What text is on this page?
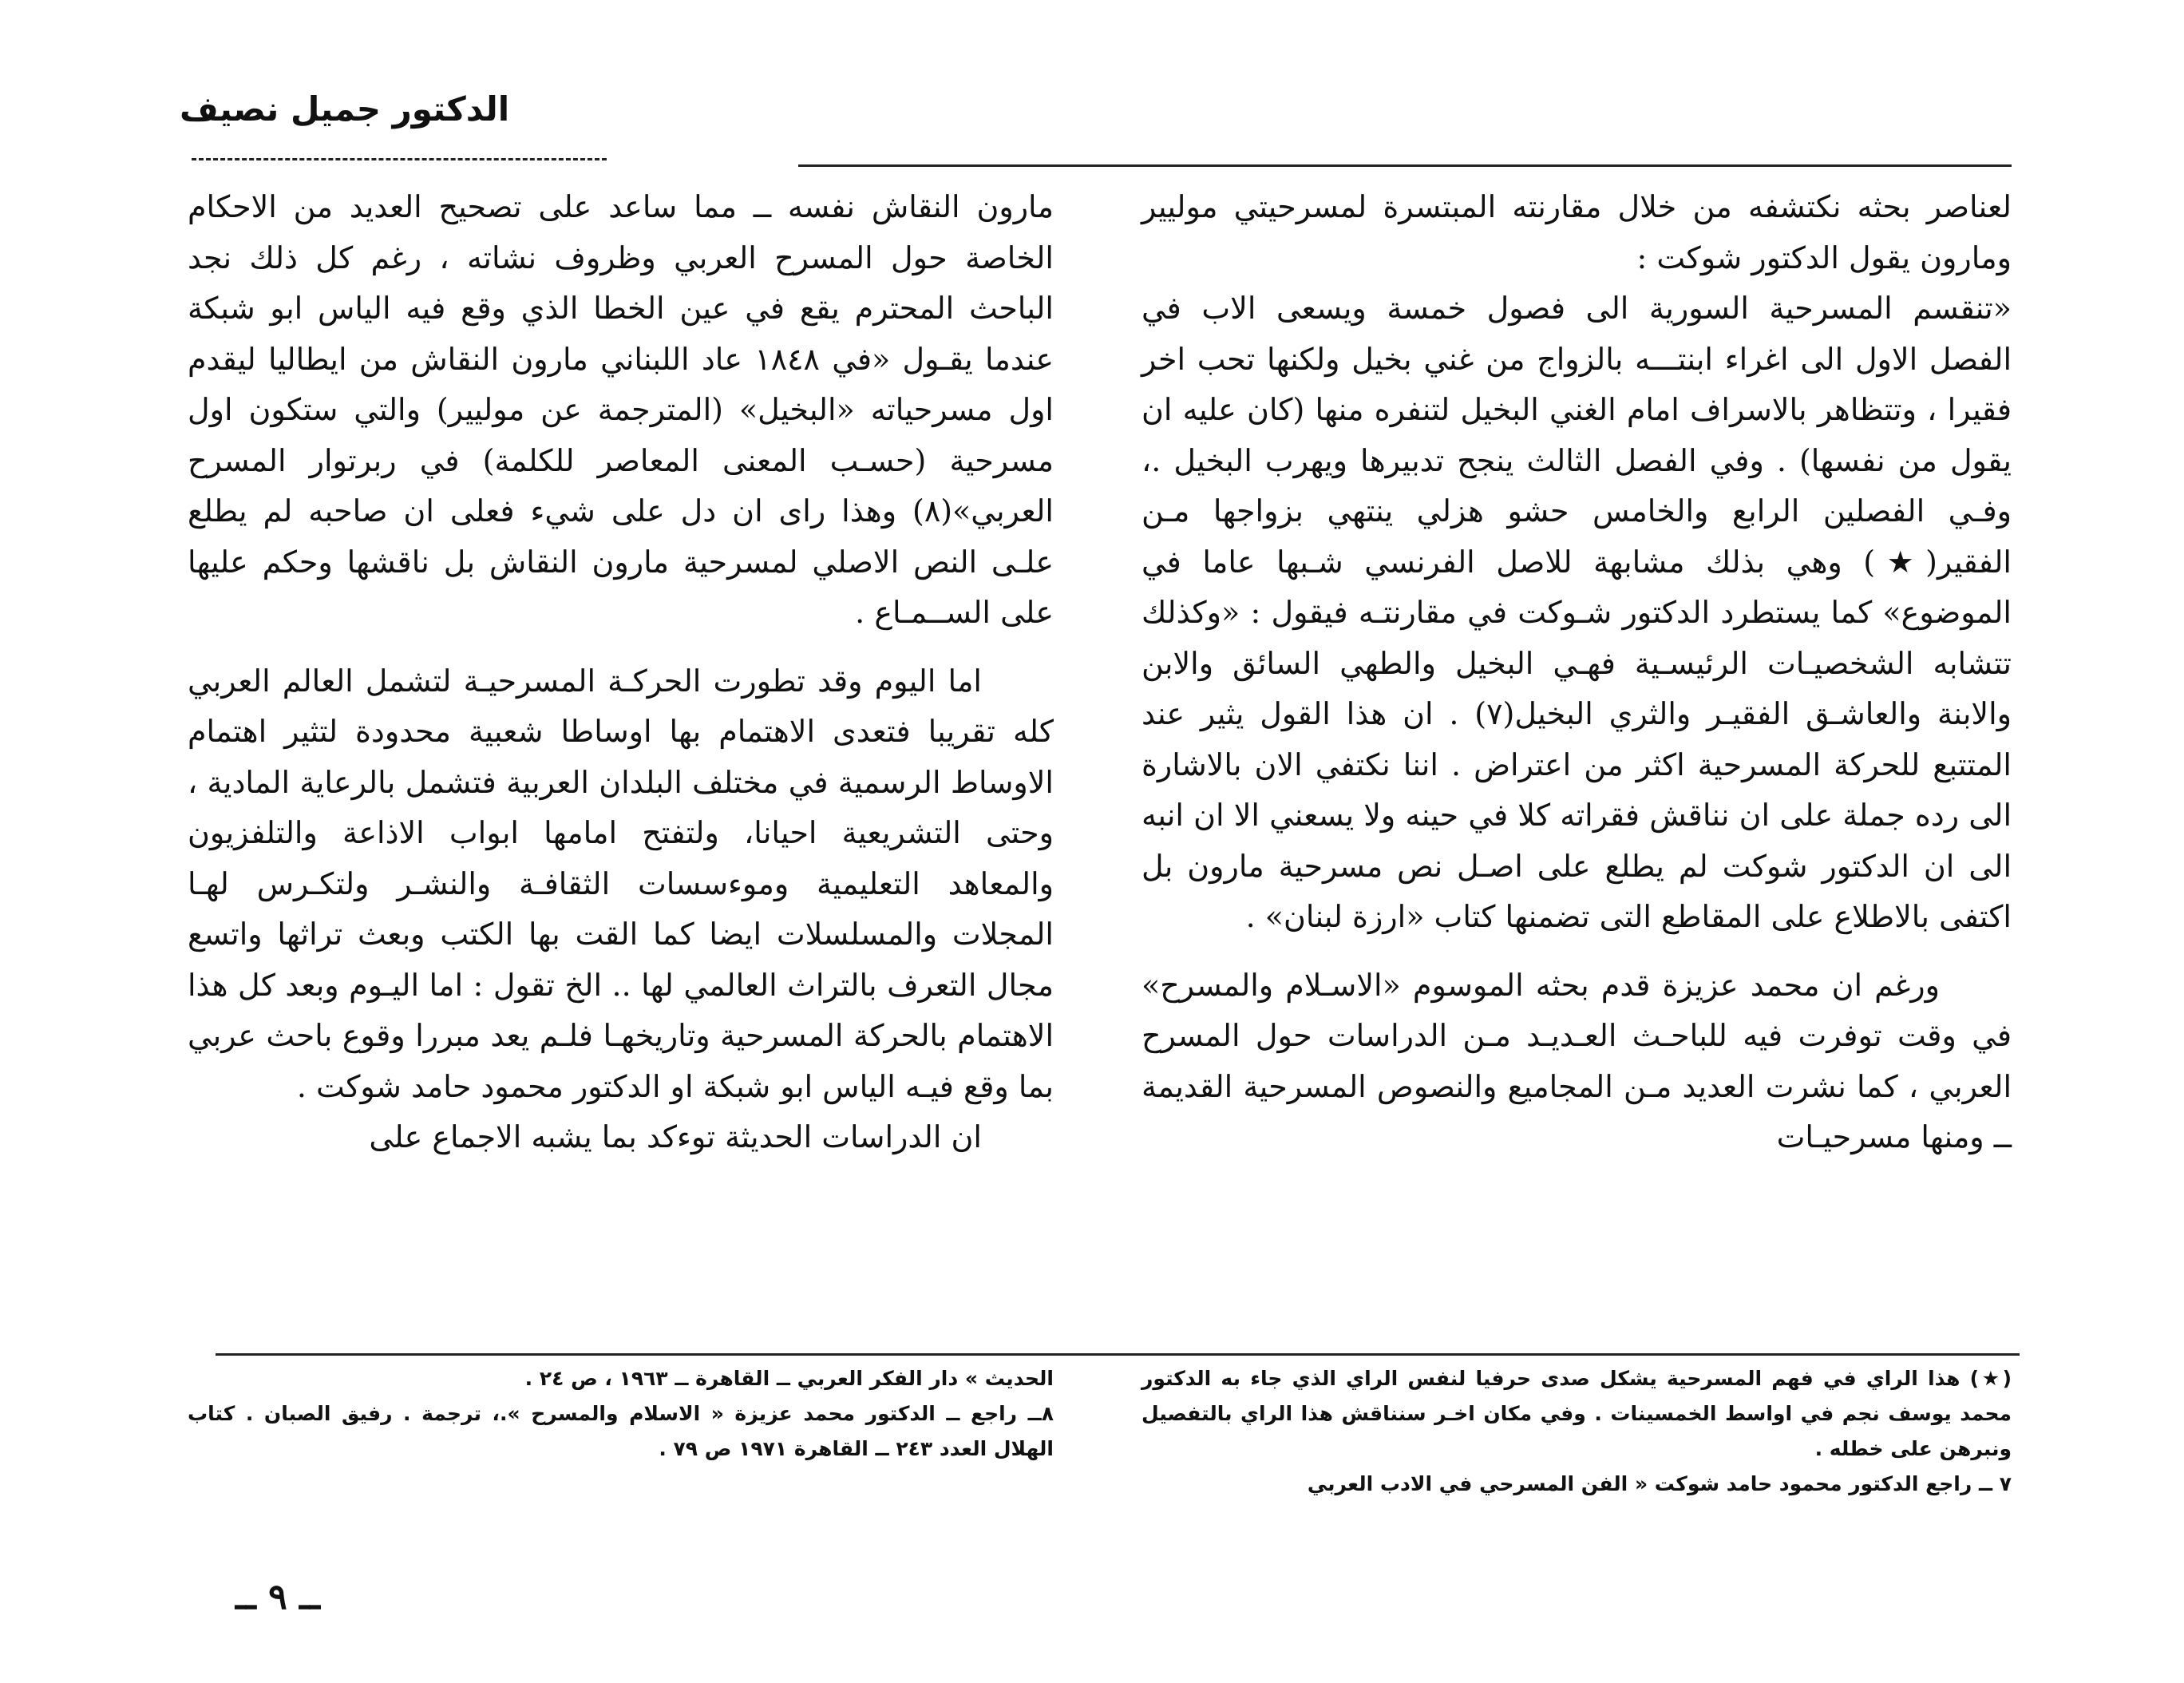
الدكتور جميل نصيف

لعناصر بحثه نكتشفه من خلال مقارنته المبتسرة لمسرحيتي موليير ومارون يقول الدكتور شوكت :

«تنقسم المسرحية السورية الى فصول خمسة ويسعى الاب في الفصل الاول الى اغراء ابنتـــه بالزواج من غني بخيل ولكنها تحب اخر فقيرا ، وتتظاهر بالاسراف امام الغني البخيل لتنفره منها (كان عليه ان يقول من نفسها) . وفي الفصل الثالث ينجح تدبيرها ويهرب البخيل .، وفـي الفصلين الرابع والخامس حشو هزلي ينتهي بزواجها مـن الفقير(★) وهي بذلك مشابهة للاصل الفرنسي شـبها عاما في الموضوع» كما يستطرد الدكتور شـوكت في مقارنتـه فيقول : «وكذلك تتشابه الشخصيـات الرئيسـية فهـي البخيل والطهي السائق والابن والابنة والعاشـق الفقيـر والثري البخيل(٧) . ان هذا القول يثير عند المتتبع للحركة المسرحية اكثر من اعتراض . اننا نكتفي الان بالاشارة الى رده جملة على ان نناقش فقراته كلا في حينه ولا يسعني الا ان انبه الى ان الدكتور شوكت لم يطلع على اصـل نص مسرحية مارون بل اكتفى بالاطلاع على المقاطع التى تضمنها كتاب «ارزة لبنان» .

ورغم ان محمد عزيزة قدم بحثه الموسوم «الاسـلام والمسرح» في وقت توفرت فيه للباحـث العـديـد مـن الدراسات حول المسرح العربي ، كما نشرت العديد مـن المجاميع والنصوص المسرحية القديمة ــ ومنها مسرحيـات

مارون النقاش نفسه ــ مما ساعد على تصحيح العديد من الاحكام الخاصة حول المسرح العربي وظروف نشاته ، رغم كل ذلك نجد الباحث المحترم يقع في عين الخطا الذي وقع فيه الياس ابو شبكة عندما يقـول «في ١٨٤٨ عاد اللبناني مارون النقاش من ايطاليا ليقدم اول مسرحياته «البخيل» (المترجمة عن موليير) والتي ستكون اول مسرحية (حسـب المعنى المعاصر للكلمة) في ربرتوار المسرح العربي»(٨) وهذا راى ان دل على شيء فعلى ان صاحبه لم يطلع علـى النص الاصلي لمسرحية مارون النقاش بل ناقشها وحكم عليها على الســمـاع .

اما اليوم وقد تطورت الحركـة المسرحيـة لتشمل العالم العربي كله تقريبا فتعدى الاهتمام بها اوساطا شعبية محدودة لتثير اهتمام الاوساط الرسمية في مختلف البلدان العربية فتشمل بالرعاية المادية ، وحتى التشريعية احيانا، ولتفتح امامها ابواب الاذاعة والتلفزيون والمعاهد التعليمية وموءسسات الثقافـة والنشـر ولتكـرس لهـا المجلات والمسلسلات ايضا كما القت بها الكتب وبعث تراثها واتسع مجال التعرف بالتراث العالمي لها .. الخ تقول : اما اليـوم وبعد كل هذا الاهتمام بالحركة المسرحية وتاريخهـا فلـم يعد مبررا وقوع باحث عربي بما وقع فيـه الياس ابو شبكة او الدكتور محمود حامد شوكت .

ان الدراسات الحديثة توءكد بما يشبه الاجماع على

(★) هذا الراي في فهم المسرحية يشكل صدى حرفيا لنفس الراي الذي جاء به الدكتور محمد يوسف نجم في اواسط الخمسينات . وفي مكان اخـر سنناقش هذا الراي بالتفصيل ونبرهن على خطله .

٧ ــ راجع الدكتور محمود حامد شوكت « الفن المسرحي في الادب العربي

الحديث » دار الفكر العربي ــ القاهرة ــ ١٩٦٣ ، ص ٢٤ .

٨ــ راجع ــ الدكتور محمد عزيزة « الاسلام والمسرح ».، ترجمة . رفيق الصبان . كتاب الهلال العدد ٢٤٣ ــ القاهرة ١٩٧١ ص ٧٩ .

ــ ٩ ــ
